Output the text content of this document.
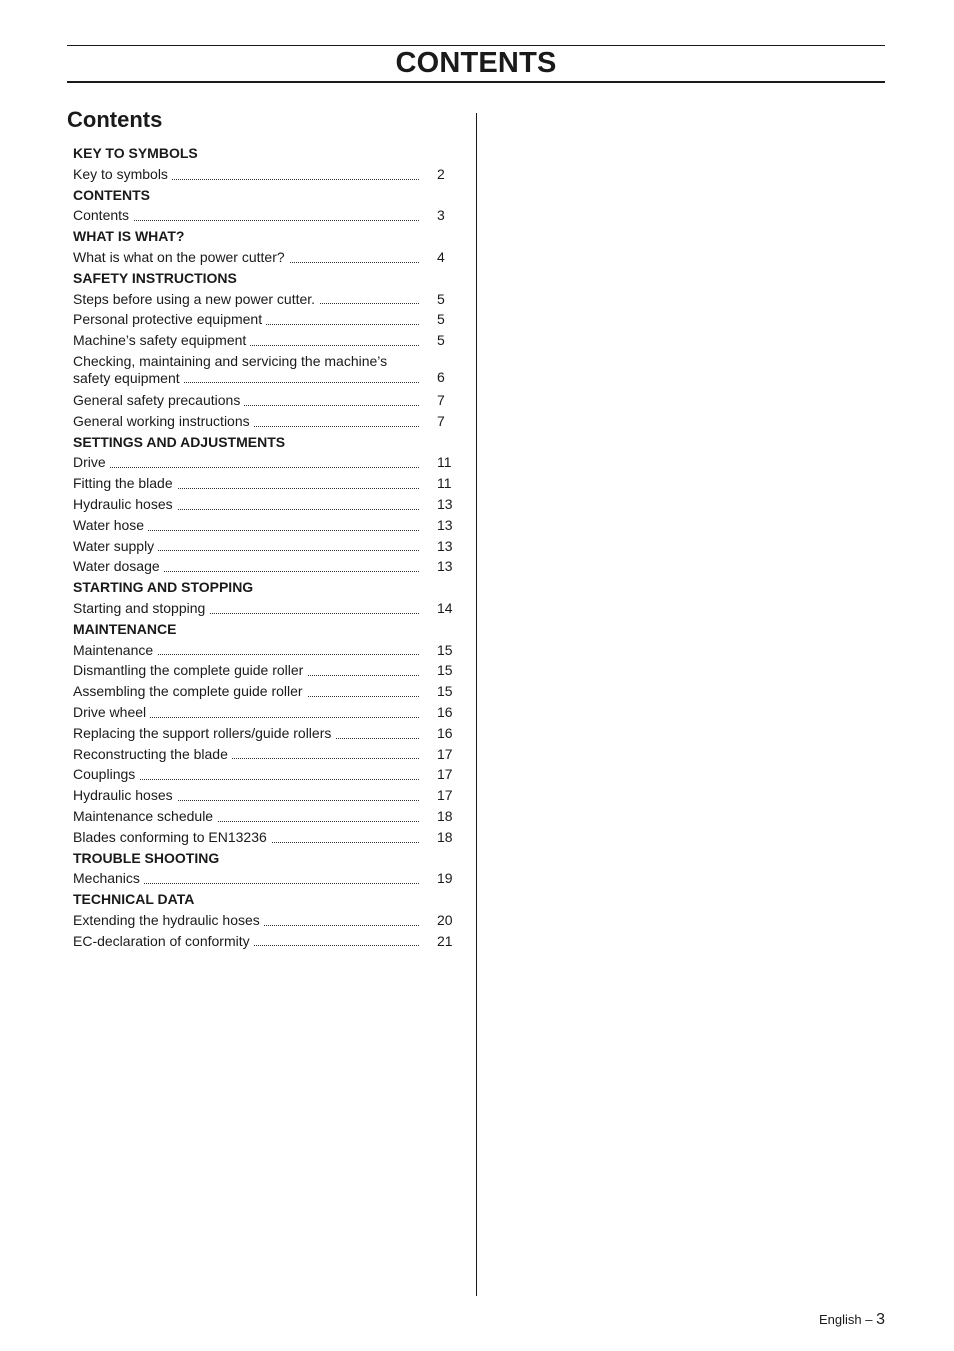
CONTENTS
Contents
KEY TO SYMBOLS
Key to symbols	2
CONTENTS
Contents	3
WHAT IS WHAT?
What is what on the power cutter?	4
SAFETY INSTRUCTIONS
Steps before using a new power cutter.	5
Personal protective equipment	5
Machine’s safety equipment	5
Checking, maintaining and servicing the machine’s
safety equipment	6
General safety precautions	7
General working instructions	7
SETTINGS AND ADJUSTMENTS
Drive	11
Fitting the blade	11
Hydraulic hoses	13
Water hose	13
Water supply	13
Water dosage	13
STARTING AND STOPPING
Starting and stopping	14
MAINTENANCE
Maintenance	15
Dismantling the complete guide roller	15
Assembling the complete guide roller	15
Drive wheel	16
Replacing the support rollers/guide rollers	16
Reconstructing the blade	17
Couplings	17
Hydraulic hoses	17
Maintenance schedule	18
Blades conforming to EN13236	18
TROUBLE SHOOTING
Mechanics	19
TECHNICAL DATA
Extending the hydraulic hoses	20
EC-declaration of conformity	21
English – 3
